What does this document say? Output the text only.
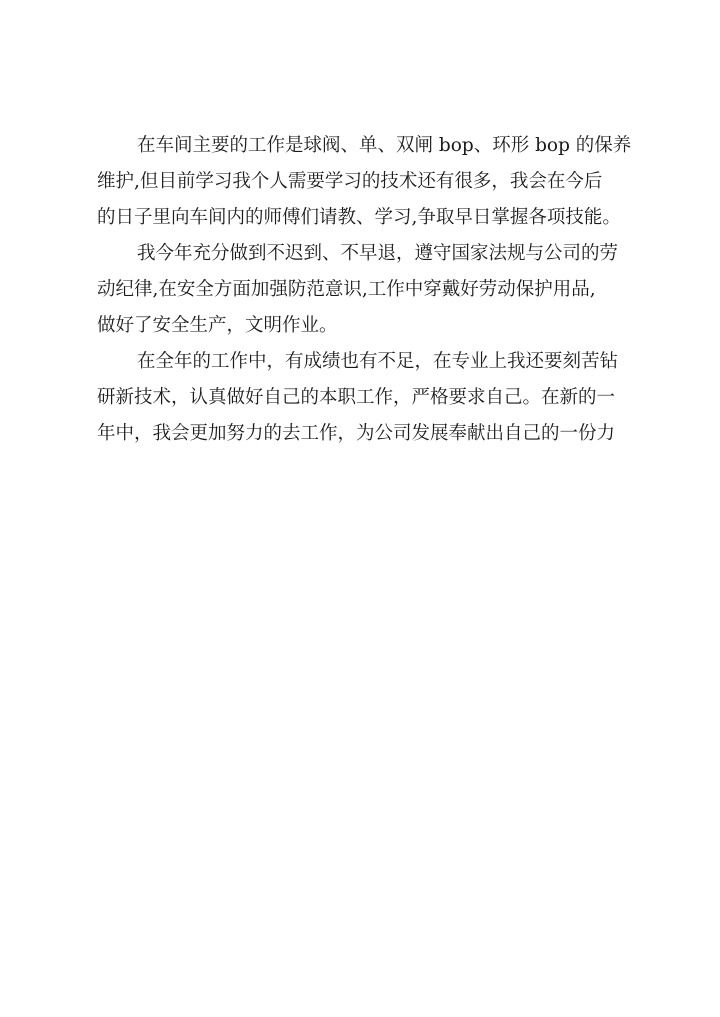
在车间主要的工作是球阀、单、双闸 bop、环形 bop 的保养
维护,但目前学习我个人需要学习的技术还有很多，我会在今后
的日子里向车间内的师傅们请教、学习,争取早日掌握各项技能。
我今年充分做到不迟到、不早退，遵守国家法规与公司的劳
动纪律,在安全方面加强防范意识,工作中穿戴好劳动保护用品,
做好了安全生产，文明作业。
在全年的工作中，有成绩也有不足，在专业上我还要刻苦钻
研新技术，认真做好自己的本职工作，严格要求自己。在新的一
年中，我会更加努力的去工作，为公司发展奉献出自己的一份力
